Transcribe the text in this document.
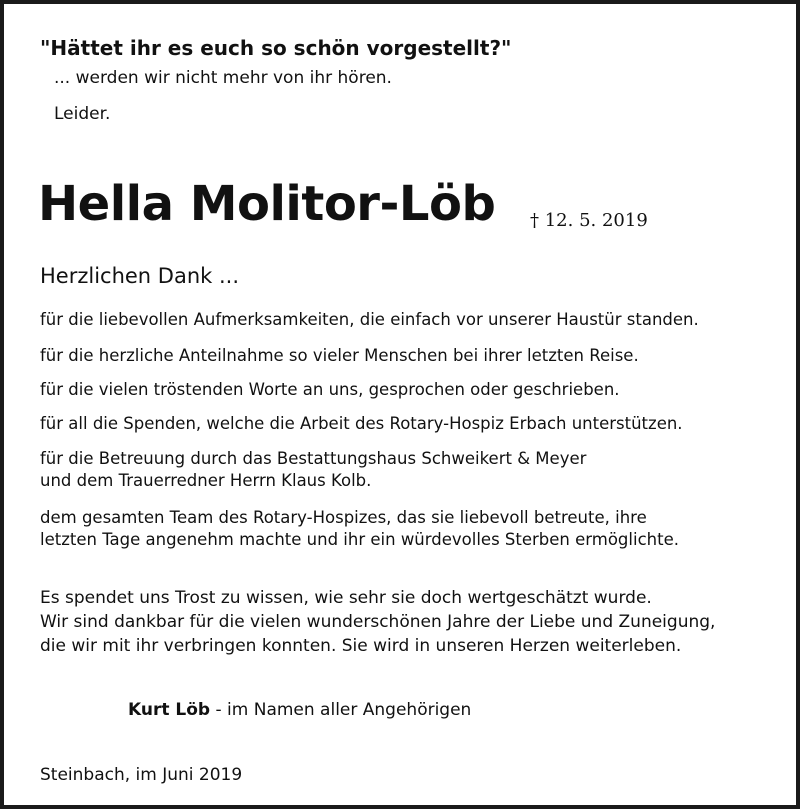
"Hättet ihr es euch so schön vorgestellt?"
... werden wir nicht mehr von ihr hören.
Leider.
Hella Molitor-Löb † 12. 5. 2019
Herzlichen Dank ...
für die liebevollen Aufmerksamkeiten, die einfach vor unserer Haustür standen.
für die herzliche Anteilnahme so vieler Menschen bei ihrer letzten Reise.
für die vielen tröstenden Worte an uns, gesprochen oder geschrieben.
für all die Spenden, welche die Arbeit des Rotary-Hospiz Erbach unterstützen.
für die Betreuung durch das Bestattungshaus Schweikert & Meyer
und dem Trauerredner Herrn Klaus Kolb.
dem gesamten Team des Rotary-Hospizes, das sie liebevoll betreute, ihre
letzten Tage angenehm machte und ihr ein würdevolles Sterben ermöglichte.
Es spendet uns Trost zu wissen, wie sehr sie doch wertgeschätzt wurde.
Wir sind dankbar für die vielen wunderschönen Jahre der Liebe und Zuneigung,
die wir mit ihr verbringen konnten. Sie wird in unseren Herzen weiterleben.
Kurt Löb - im Namen aller Angehörigen
Steinbach, im Juni 2019
